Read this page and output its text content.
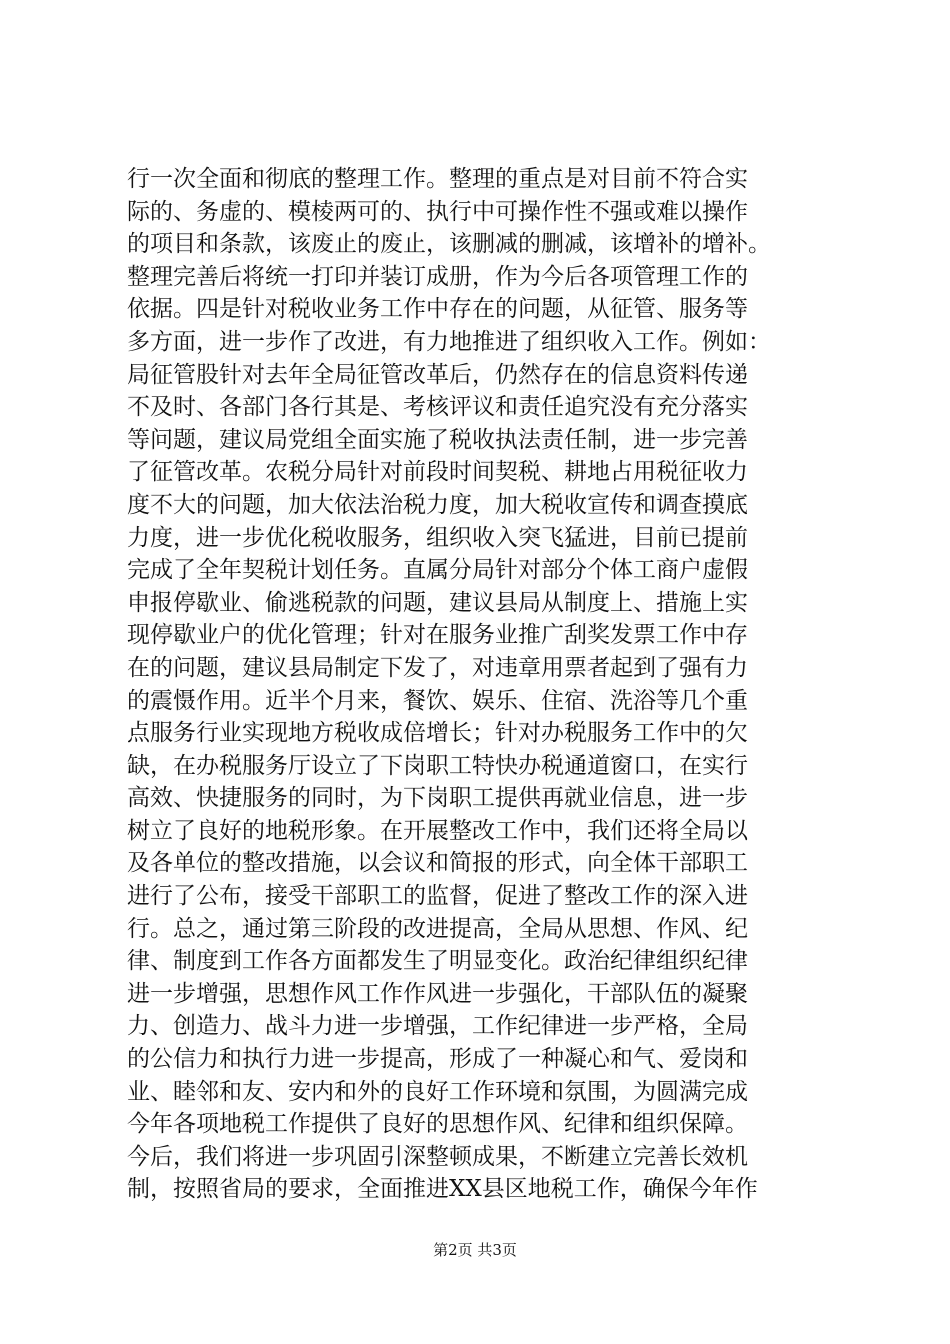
行一次全面和彻底的整理工作。整理的重点是对目前不符合实
际的、务虚的、模棱两可的、执行中可操作性不强或难以操作
的项目和条款，该废止的废止，该删减的删减，该增补的增补。
整理完善后将统一打印并装订成册，作为今后各项管理工作的
依据。四是针对税收业务工作中存在的问题，从征管、服务等
多方面，进一步作了改进，有力地推进了组织收入工作。例如：
局征管股针对去年全局征管改革后，仍然存在的信息资料传递
不及时、各部门各行其是、考核评议和责任追究没有充分落实
等问题，建议局党组全面实施了税收执法责任制，进一步完善
了征管改革。农税分局针对前段时间契税、耕地占用税征收力
度不大的问题，加大依法治税力度，加大税收宣传和调查摸底
力度，进一步优化税收服务，组织收入突飞猛进，目前已提前
完成了全年契税计划任务。直属分局针对部分个体工商户虚假
申报停歇业、偷逃税款的问题，建议县局从制度上、措施上实
现停歇业户的优化管理；针对在服务业推广刮奖发票工作中存
在的问题，建议县局制定下发了，对违章用票者起到了强有力
的震慑作用。近半个月来，餐饮、娱乐、住宿、洗浴等几个重
点服务行业实现地方税收成倍增长；针对办税服务工作中的欠
缺，在办税服务厅设立了下岗职工特快办税通道窗口，在实行
高效、快捷服务的同时，为下岗职工提供再就业信息，进一步
树立了良好的地税形象。在开展整改工作中，我们还将全局以
及各单位的整改措施，以会议和简报的形式，向全体干部职工
进行了公布，接受干部职工的监督，促进了整改工作的深入进
行。总之，通过第三阶段的改进提高，全局从思想、作风、纪
律、制度到工作各方面都发生了明显变化。政治纪律组织纪律
进一步增强，思想作风工作作风进一步强化，干部队伍的凝聚
力、创造力、战斗力进一步增强，工作纪律进一步严格，全局
的公信力和执行力进一步提高，形成了一种凝心和气、爱岗和
业、睦邻和友、安内和外的良好工作环境和氛围，为圆满完成
今年各项地税工作提供了良好的思想作风、纪律和组织保障。
今后，我们将进一步巩固引深整顿成果，不断建立完善长效机
制，按照省局的要求，全面推进XX县区地税工作，确保今年作
第2页 共3页
